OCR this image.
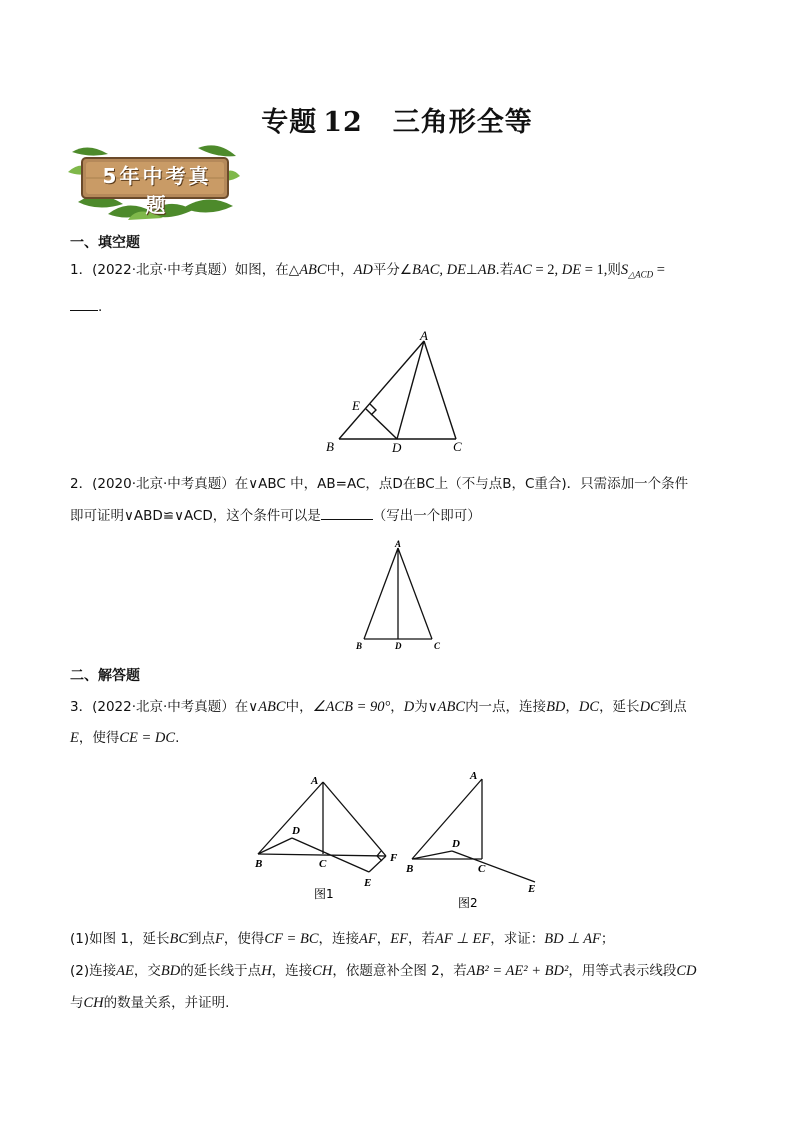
专题 12 三角形全等
5年中考真题
一、填空题
1．(2022·北京·中考真题）如图，在△ABC中，AD平分∠BAC, DE⊥AB.若AC = 2, DE = 1,则$S_{\triangle ACD}$ =
.
A
B	C
D
E
2．(2020·北京·中考真题）在∨ABC 中，AB=AC，点D在BC上（不与点B，C重合)．只需添加一个条件
即可证明∨ABD≌∨ACD，这个条件可以是	（写出一个即可）
A
B	D	C
二、解答题
3．(2022·北京·中考真题）在∨ABC中，∠ACB = 90°，D为∨ABC内一点，连接BD，DC，延长DC到点
E，使得CE = DC.
A
D
B	C	F
E
图1
A
D
B	C
E
图2
(1)如图 1，延长BC到点F，使得CF = BC，连接AF，EF，若AF ⊥ EF，求证：BD ⊥ AF；
(2)连接AE，交BD的延长线于点H，连接CH，依题意补全图 2，若AB² = AE² + BD²，用等式表示线段CD
与CH的数量关系，并证明.
